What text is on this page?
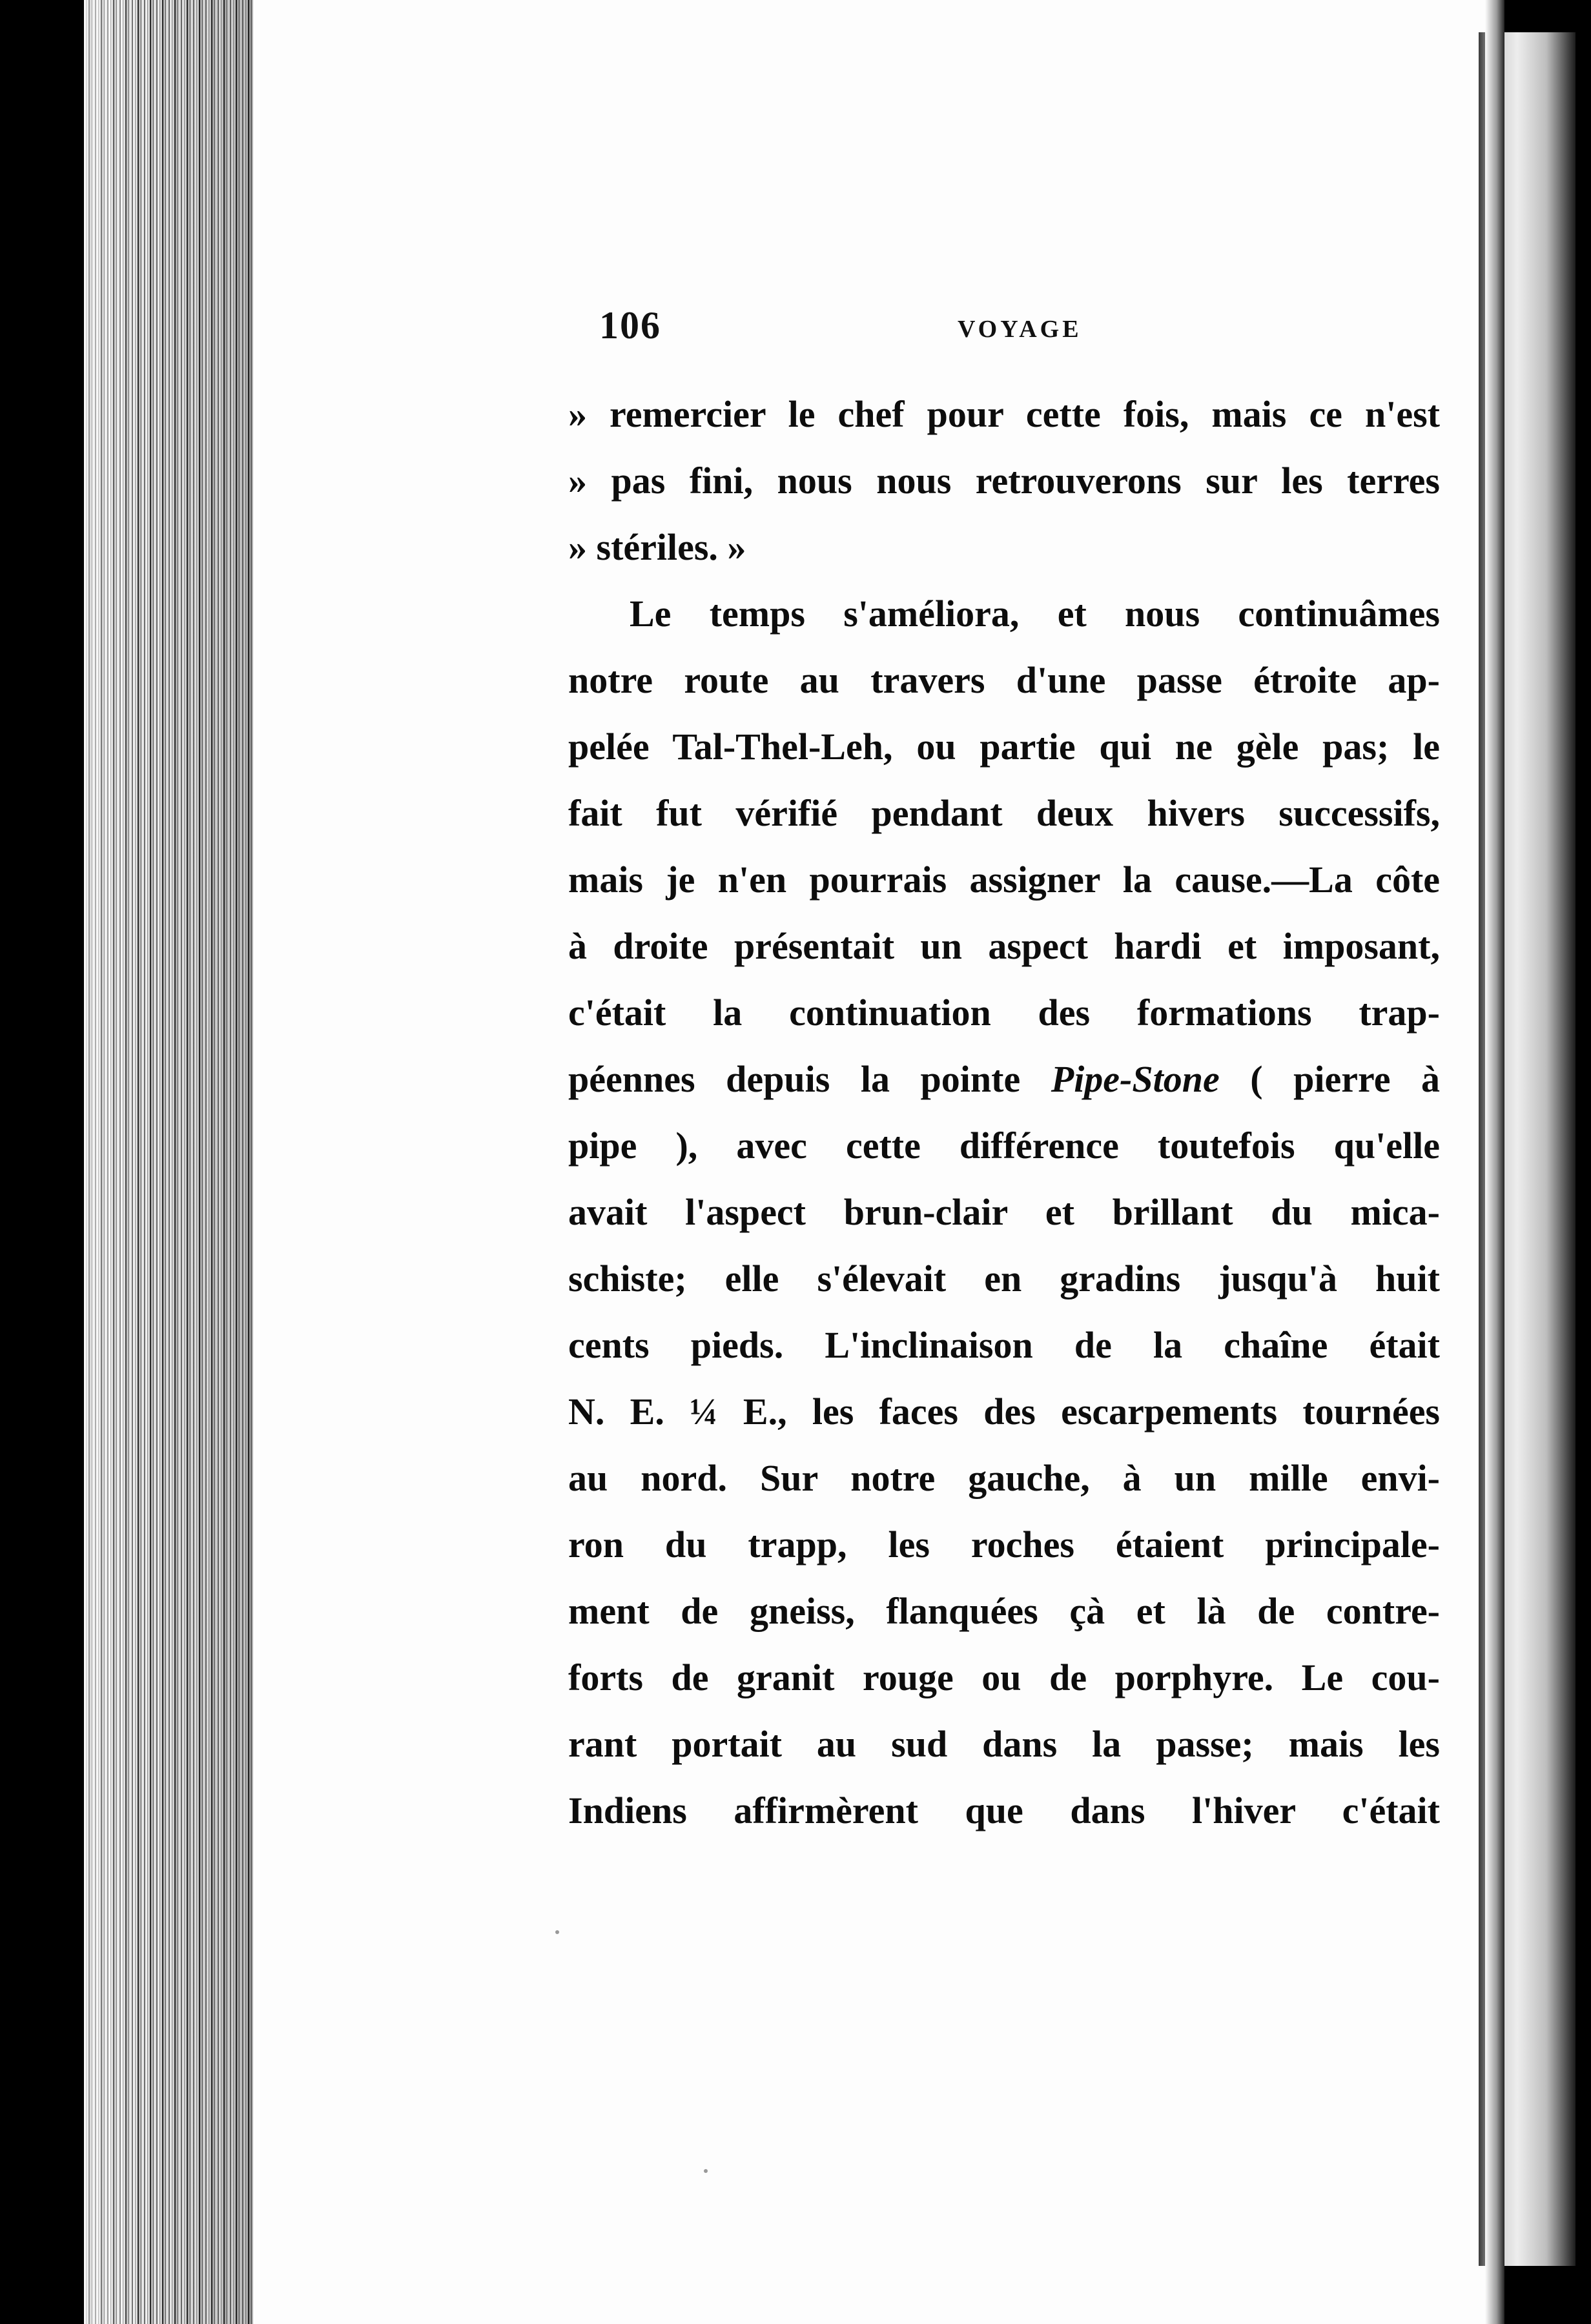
106	VOYAGE
» remercier le chef pour cette fois, mais ce n'est
» pas fini, nous nous retrouverons sur les terres
» stériles. »
Le temps s'améliora, et nous continuâmes
notre route au travers d'une passe étroite ap-
pelée Tal-Thel-Leh, ou partie qui ne gèle pas; le
fait fut vérifié pendant deux hivers successifs,
mais je n'en pourrais assigner la cause.—La côte
à droite présentait un aspect hardi et imposant,
c'était la continuation des formations trap-
péennes depuis la pointe Pipe-Stone ( pierre à
pipe ), avec cette différence toutefois qu'elle
avait l'aspect brun-clair et brillant du mica-
schiste; elle s'élevait en gradins jusqu'à huit
cents pieds. L'inclinaison de la chaîne était
N. E. ¼ E., les faces des escarpements tournées
au nord. Sur notre gauche, à un mille envi-
ron du trapp, les roches étaient principale-
ment de gneiss, flanquées çà et là de contre-
forts de granit rouge ou de porphyre. Le cou-
rant portait au sud dans la passe; mais les
Indiens affirmèrent que dans l'hiver c'était
